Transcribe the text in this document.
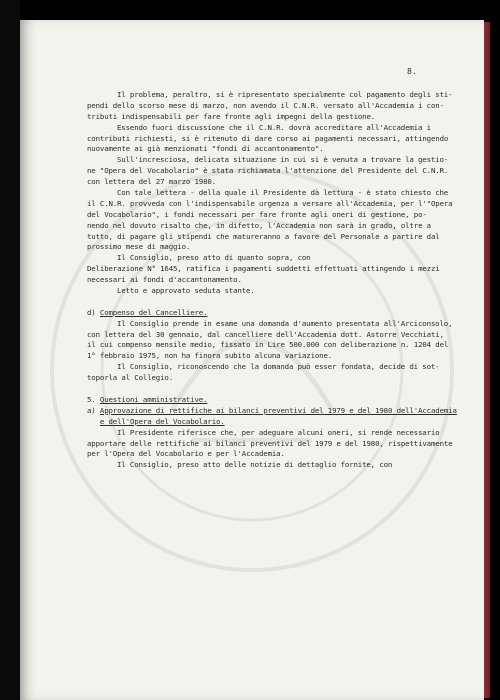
8.
Il problema, peraltro, si è ripresentato specialmente col pagamento degli sti-
pendi dello scorso mese di marzo, non avendo il C.N.R. versato all'Accademia i con-
tributi indispensabili per fare fronte agli impegni della gestione.
Essendo fuori discussione che il C.N.R. dovrà accreditare all'Accademia i
contributi richiesti, si è ritenuto di dare corso ai pagamenti necessari, attingendo
nuovamente ai già menzionati "fondi di accantonamento".
Sull'incresciosa, delicata situazione in cui si è venuta a trovare la gestio-
ne "Opera del Vocabolario" è stata richiamata l'attenzione del Presidente del C.N.R.
con lettera del 27 marzo 1980.
Con tale lettera - della quale il Presidente dà lettura - è stato chiesto che
il C.N.R. provveda con l'indispensabile urgenza a versare all'Accademia, per l'"Opera
del Vocabolario", i fondi necessari per fare fronte agli oneri di gestione, po-
nendo nel dovuto risalto che, in difetto, l'Accademia non sarà in grado, oltre a
tutto, di pagare gli stipendi che matureranno a favore del Personale a partire dal
prossimo mese di maggio.
Il Consiglio, preso atto di quanto sopra, con
Deliberazione N° 1645, ratifica i pagamenti suddetti effettuati attingendo i mezzi
necessari ai fondi d'accantonamento.
Letto e approvato seduta stante.
d) Compenso del Cancelliere.
Il Consiglio prende in esame una domanda d'aumento presentata all'Arciconsolo,
con lettera del 30 gennaio, dal cancelliere dell'Accademia dott. Astorre Vecchiati,
il cui compenso mensile medio, fissato in Lire 500.000 con deliberazione n. 1204 del
1° febbraio 1975, non ha finora subito alcuna variazione.
Il Consiglio, riconoscendo che la domanda può esser fondata, decide di sot-
toporla al Collegio.
5. Questioni amministrative.
a) Approvazione di rettifiche ai bilanci preventivi del 1979 e del 1980 dell'Accademia
e dell'Opera del Vocabolario.
Il Presidente riferisce che, per adeguare alcuni oneri, si rende necessario
apportare delle rettifiche ai bilanci preventivi del 1979 e del 1980, rispettivamente
per l'Opera del Vocabolario e per l'Accademia.
Il Consiglio, preso atto delle notizie di dettaglio fornite, con
